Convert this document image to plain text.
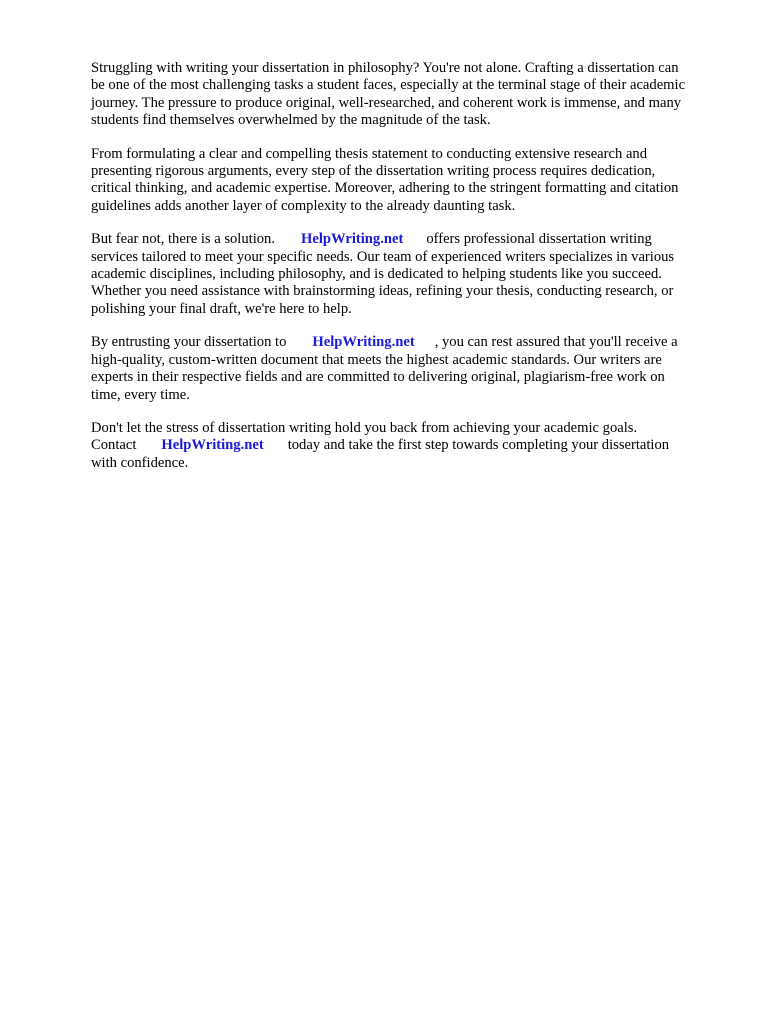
Struggling with writing your dissertation in philosophy? You're not alone. Crafting a dissertation can
be one of the most challenging tasks a student faces, especially at the terminal stage of their academic
journey. The pressure to produce original, well-researched, and coherent work is immense, and many
students find themselves overwhelmed by the magnitude of the task.

From formulating a clear and compelling thesis statement to conducting extensive research and
presenting rigorous arguments, every step of the dissertation writing process requires dedication,
critical thinking, and academic expertise. Moreover, adhering to the stringent formatting and citation
guidelines adds another layer of complexity to the already daunting task.

But fear not, there is a solution. HelpWriting.net offers professional dissertation writing
services tailored to meet your specific needs. Our team of experienced writers specializes in various
academic disciplines, including philosophy, and is dedicated to helping students like you succeed.
Whether you need assistance with brainstorming ideas, refining your thesis, conducting research, or
polishing your final draft, we're here to help.

By entrusting your dissertation to HelpWriting.net , you can rest assured that you'll receive a
high-quality, custom-written document that meets the highest academic standards. Our writers are
experts in their respective fields and are committed to delivering original, plagiarism-free work on
time, every time.

Don't let the stress of dissertation writing hold you back from achieving your academic goals.
Contact HelpWriting.net today and take the first step towards completing your dissertation
with confidence.
